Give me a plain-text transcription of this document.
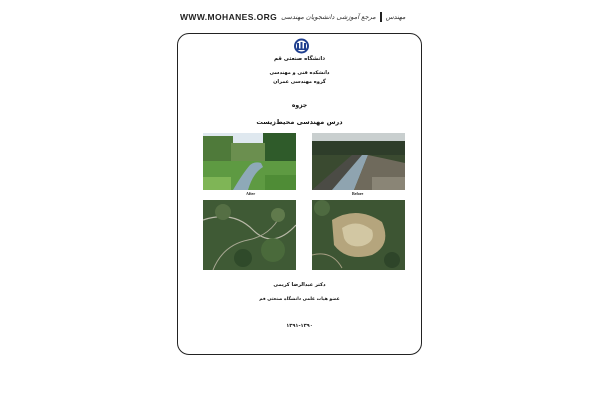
WWW.MOHANES.ORG مرجع آموزشی دانشجویان مهندسی مهندس
دانشگاه صنعتی قم
دانشکده فنی و مهندسی
گروه مهندسی عمران
جزوه
درس مهندسی محیط‌زیست
After	Before
دکتر عبدالرضا کریمی
عضو هیات علمی دانشگاه صنعتی قم
۱۳۹۱-۱۳۹۰
